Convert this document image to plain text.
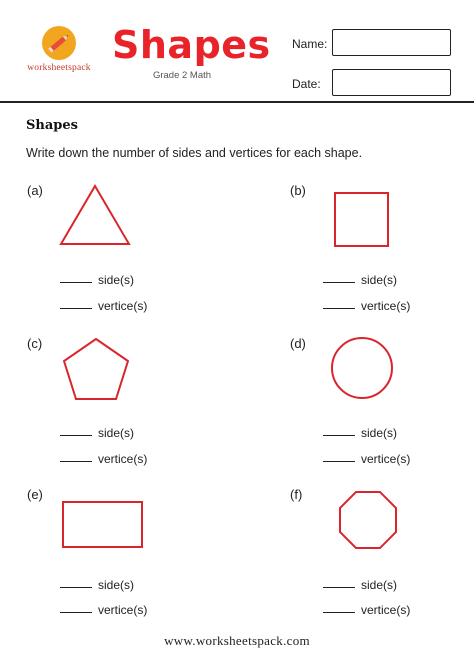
worksheetspack
Shapes
Grade 2 Math
Name:
Date:
Shapes
Write down the number of sides and vertices for each shape.
(a)
side(s)
vertice(s)
(b)
side(s)
vertice(s)
(c)
side(s)
vertice(s)
(d)
side(s)
vertice(s)
(e)
side(s)
vertice(s)
(f)
side(s)
vertice(s)
www.worksheetspack.com
